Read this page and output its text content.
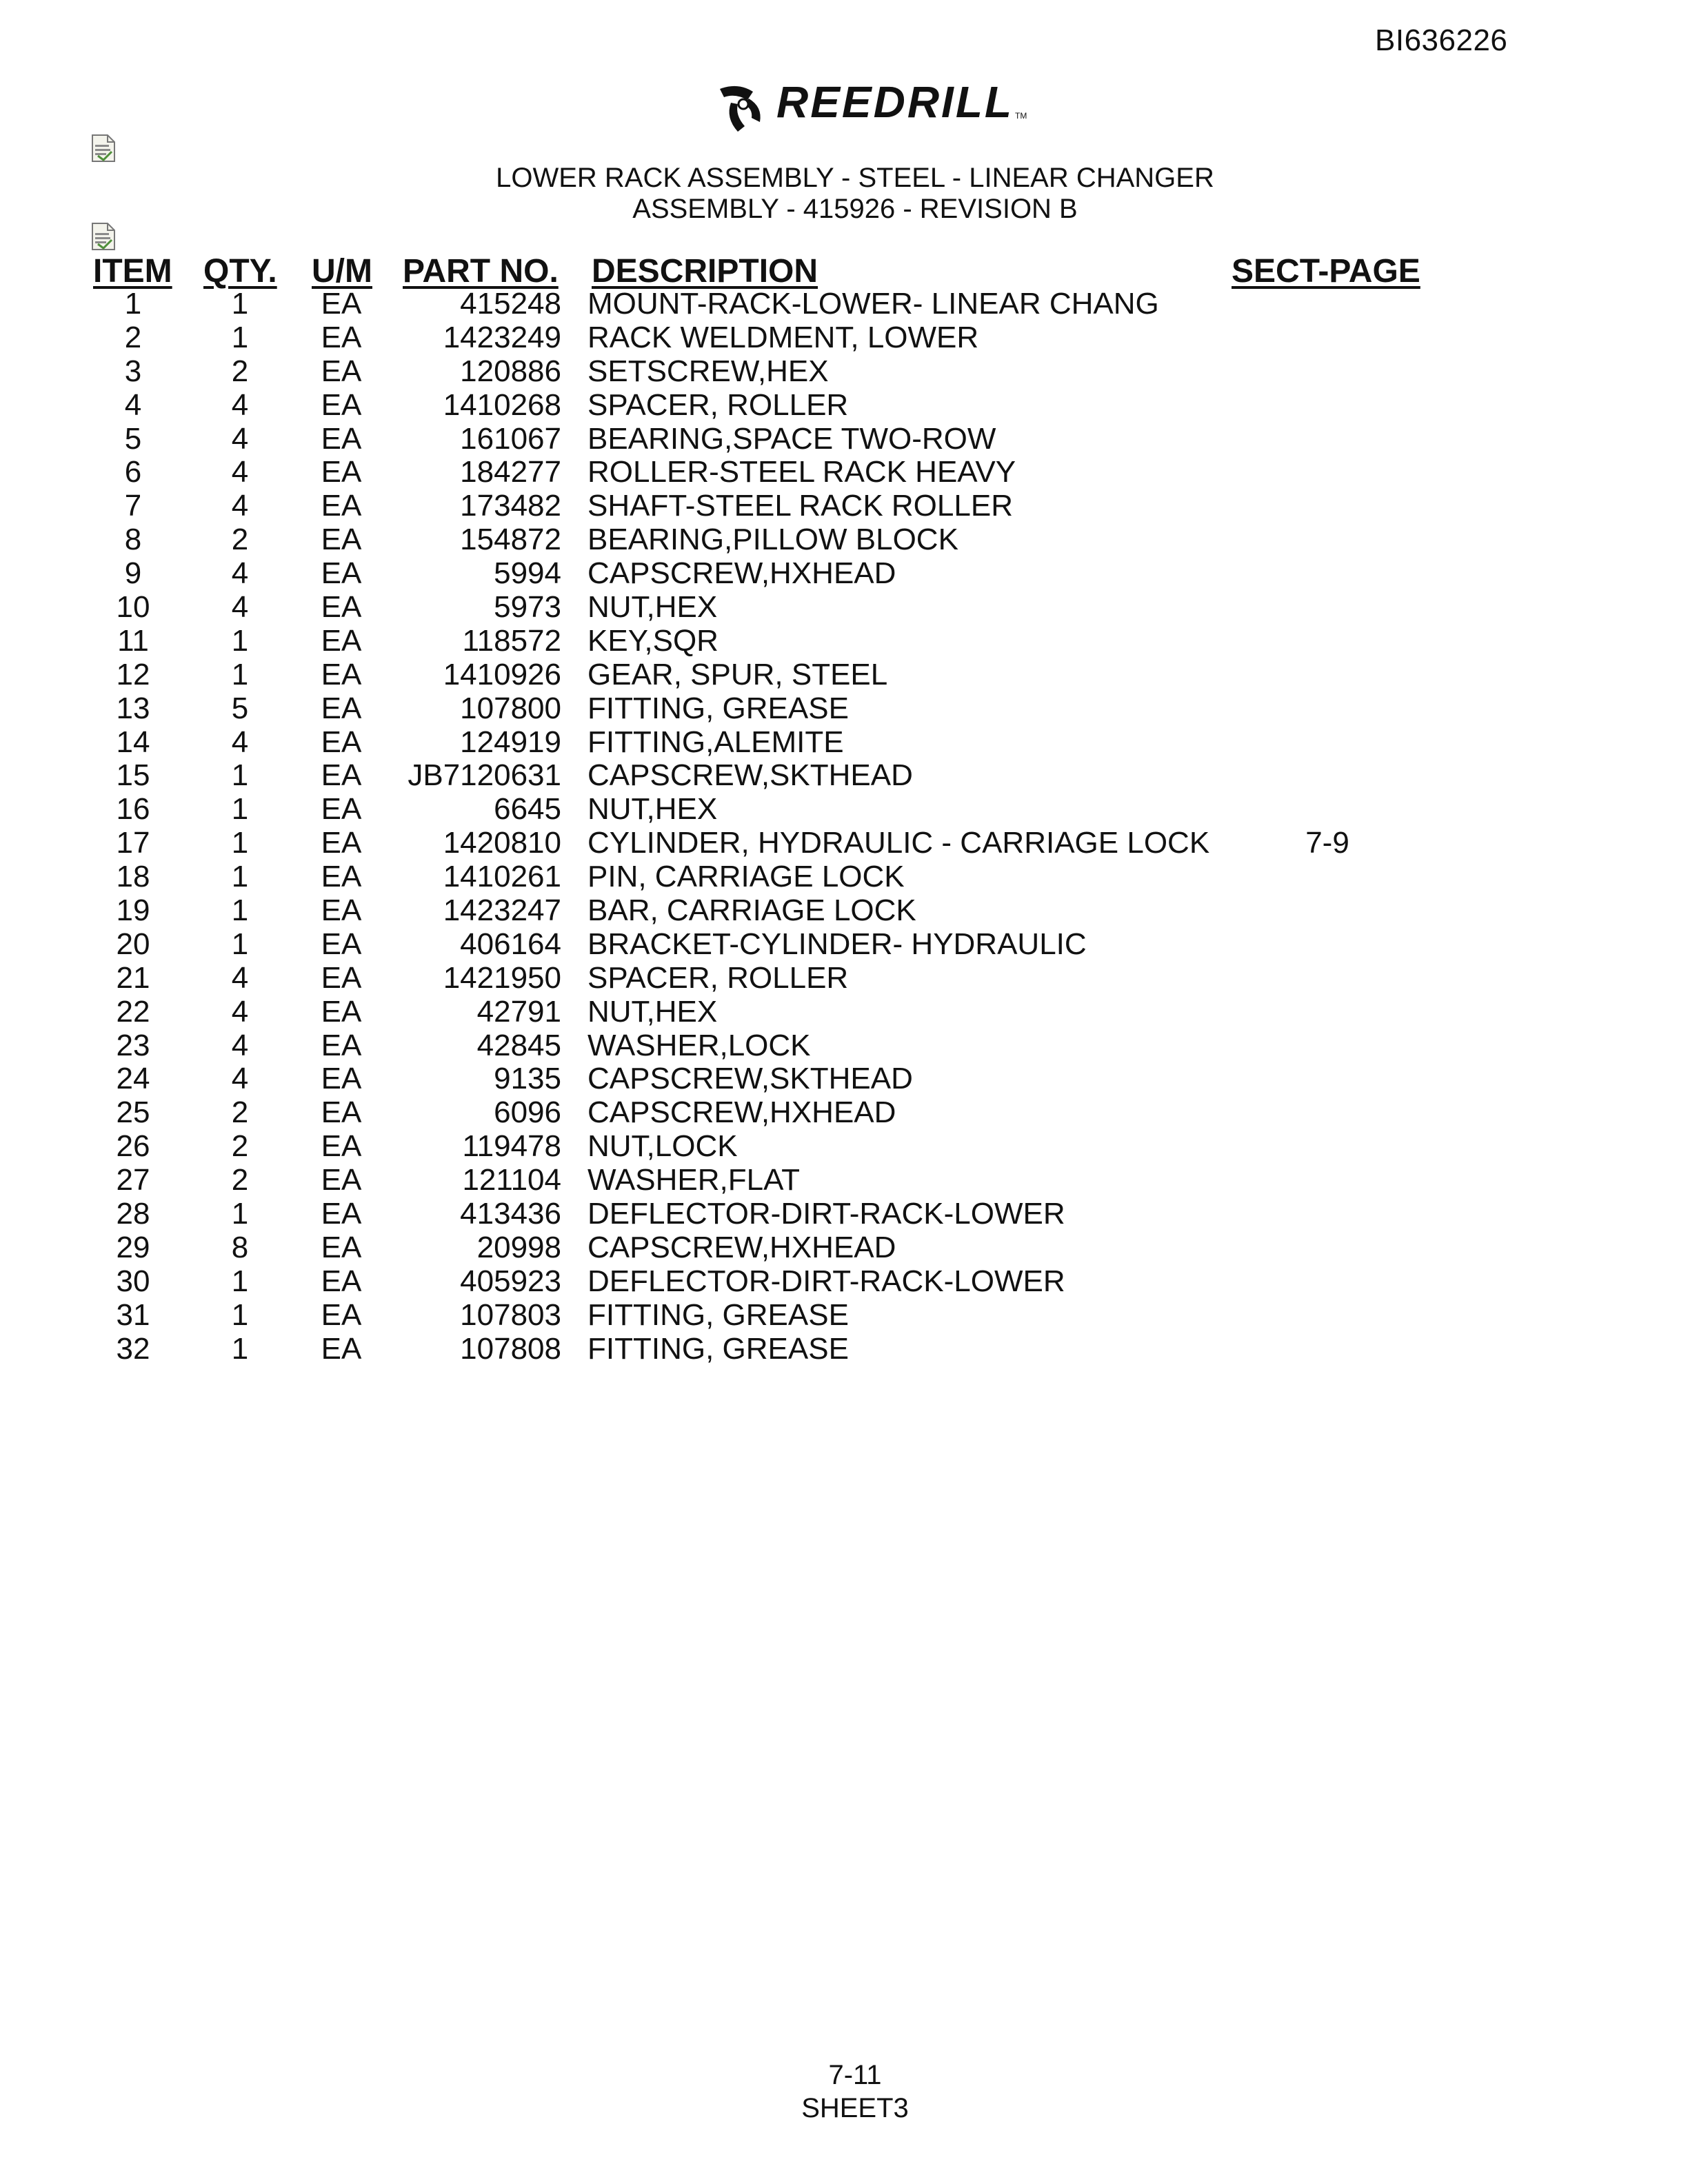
BI636226
REEDRILL TM
LOWER RACK ASSEMBLY - STEEL - LINEAR CHANGER
ASSEMBLY - 415926 - REVISION B
ITEM QTY. U/M PART NO. DESCRIPTION	SECT-PAGE
1	1	EA	415248 MOUNT-RACK-LOWER- LINEAR CHANG
2	1	EA	1423249 RACK WELDMENT, LOWER
3	2	EA	120886 SETSCREW,HEX
4	4	EA	1410268 SPACER, ROLLER
5	4	EA	161067 BEARING,SPACE TWO-ROW
6	4	EA	184277 ROLLER-STEEL RACK HEAVY
7	4	EA	173482 SHAFT-STEEL RACK ROLLER
8	2	EA	154872 BEARING,PILLOW BLOCK
9	4	EA	5994 CAPSCREW,HXHEAD
10	4	EA	5973 NUT,HEX
11	1	EA	118572 KEY,SQR
12	1	EA	1410926 GEAR, SPUR, STEEL
13	5	EA	107800 FITTING, GREASE
14	4	EA	124919 FITTING,ALEMITE
15	1	EA	JB7120631 CAPSCREW,SKTHEAD
16	1	EA	6645 NUT,HEX
17	1	EA	1420810 CYLINDER, HYDRAULIC - CARRIAGE LOCK	7-9
18	1	EA	1410261 PIN, CARRIAGE LOCK
19	1	EA	1423247 BAR, CARRIAGE LOCK
20	1	EA	406164 BRACKET-CYLINDER- HYDRAULIC
21	4	EA	1421950 SPACER, ROLLER
22	4	EA	42791 NUT,HEX
23	4	EA	42845 WASHER,LOCK
24	4	EA	9135 CAPSCREW,SKTHEAD
25	2	EA	6096 CAPSCREW,HXHEAD
26	2	EA	119478 NUT,LOCK
27	2	EA	121104 WASHER,FLAT
28	1	EA	413436 DEFLECTOR-DIRT-RACK-LOWER
29	8	EA	20998 CAPSCREW,HXHEAD
30	1	EA	405923 DEFLECTOR-DIRT-RACK-LOWER
31	1	EA	107803 FITTING, GREASE
32	1	EA	107808 FITTING, GREASE
7-11
SHEET3
